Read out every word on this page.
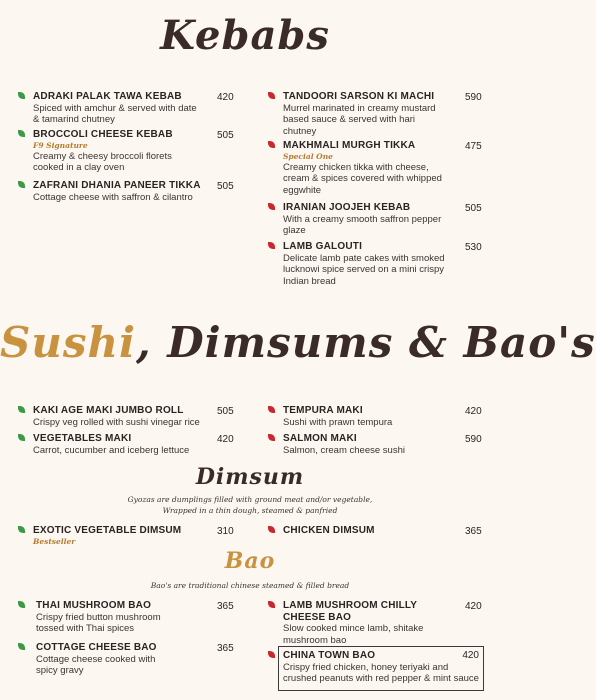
Kebabs
Sushi, Dimsums & Bao's
Dimsum
Gyozas are dumplings filled with ground meat and/or vegetable,
Wrapped in a thin dough, steamed & panfried
Bao
Bao's are traditional chinese steamed & filled bread
ADRAKI PALAK TAWA KEBAB
Spiced with amchur & served with date & tamarind chutney
420
BROCCOLI CHEESE KEBAB
F9 Signature
Creamy & cheesy broccoli florets cooked in a clay oven
505
ZAFRANI DHANIA PANEER TIKKA
Cottage cheese with saffron & cilantro
505
TANDOORI SARSON KI MACHI
Murrel marinated in creamy mustard based sauce & served with hari chutney
590
MAKHMALI MURGH TIKKA
Special One
Creamy chicken tikka with cheese, cream & spices covered with whipped eggwhite
475
IRANIAN JOOJEH KEBAB
With a creamy smooth saffron pepper glaze
505
LAMB GALOUTI
Delicate lamb pate cakes with smoked lucknowi spice served on a mini crispy Indian bread
530
KAKI AGE MAKI JUMBO ROLL
Crispy veg rolled with sushi vinegar rice
505
VEGETABLES MAKI
Carrot, cucumber and iceberg lettuce
420
TEMPURA MAKI
Sushi with prawn tempura
420
SALMON MAKI
Salmon, cream cheese sushi
590
EXOTIC VEGETABLE DIMSUM
Bestseller
310	CHICKEN DIMSUM	365
THAI MUSHROOM BAO
Crispy fried button mushroom tossed with Thai spices
365
COTTAGE CHEESE BAO
Cottage cheese cooked with spicy gravy
365
LAMB MUSHROOM CHILLY CHEESE BAO
Slow cooked mince lamb, shitake mushroom bao
420
CHINA TOWN BAO
Crispy fried chicken, honey teriyaki and crushed peanuts with red pepper & mint sauce
420
